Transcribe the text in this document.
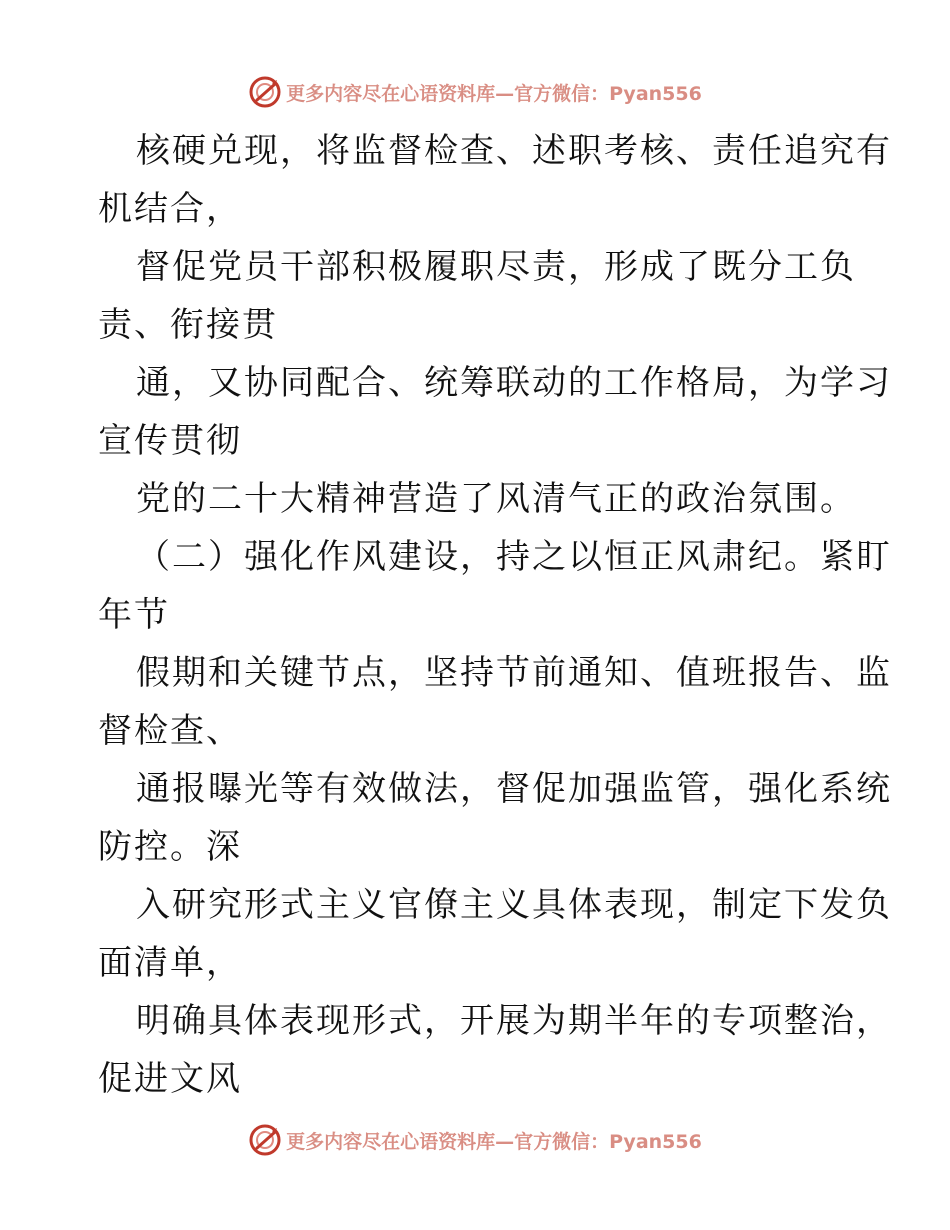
更多内容尽在心语资料库—官方微信：Pyan556
核硬兑现，将监督检查、述职考核、责任追究有
机结合，
督促党员干部积极履职尽责，形成了既分工负
责、衔接贯
通，又协同配合、统筹联动的工作格局，为学习
宣传贯彻
党的二十大精神营造了风清气正的政治氛围。
（二）强化作风建设，持之以恒正风肃纪。紧盯
年节
假期和关键节点，坚持节前通知、值班报告、监
督检查、
通报曝光等有效做法，督促加强监管，强化系统
防控。深
入研究形式主义官僚主义具体表现，制定下发负
面清单，
明确具体表现形式，开展为期半年的专项整治，
促进文风
更多内容尽在心语资料库—官方微信：Pyan556
